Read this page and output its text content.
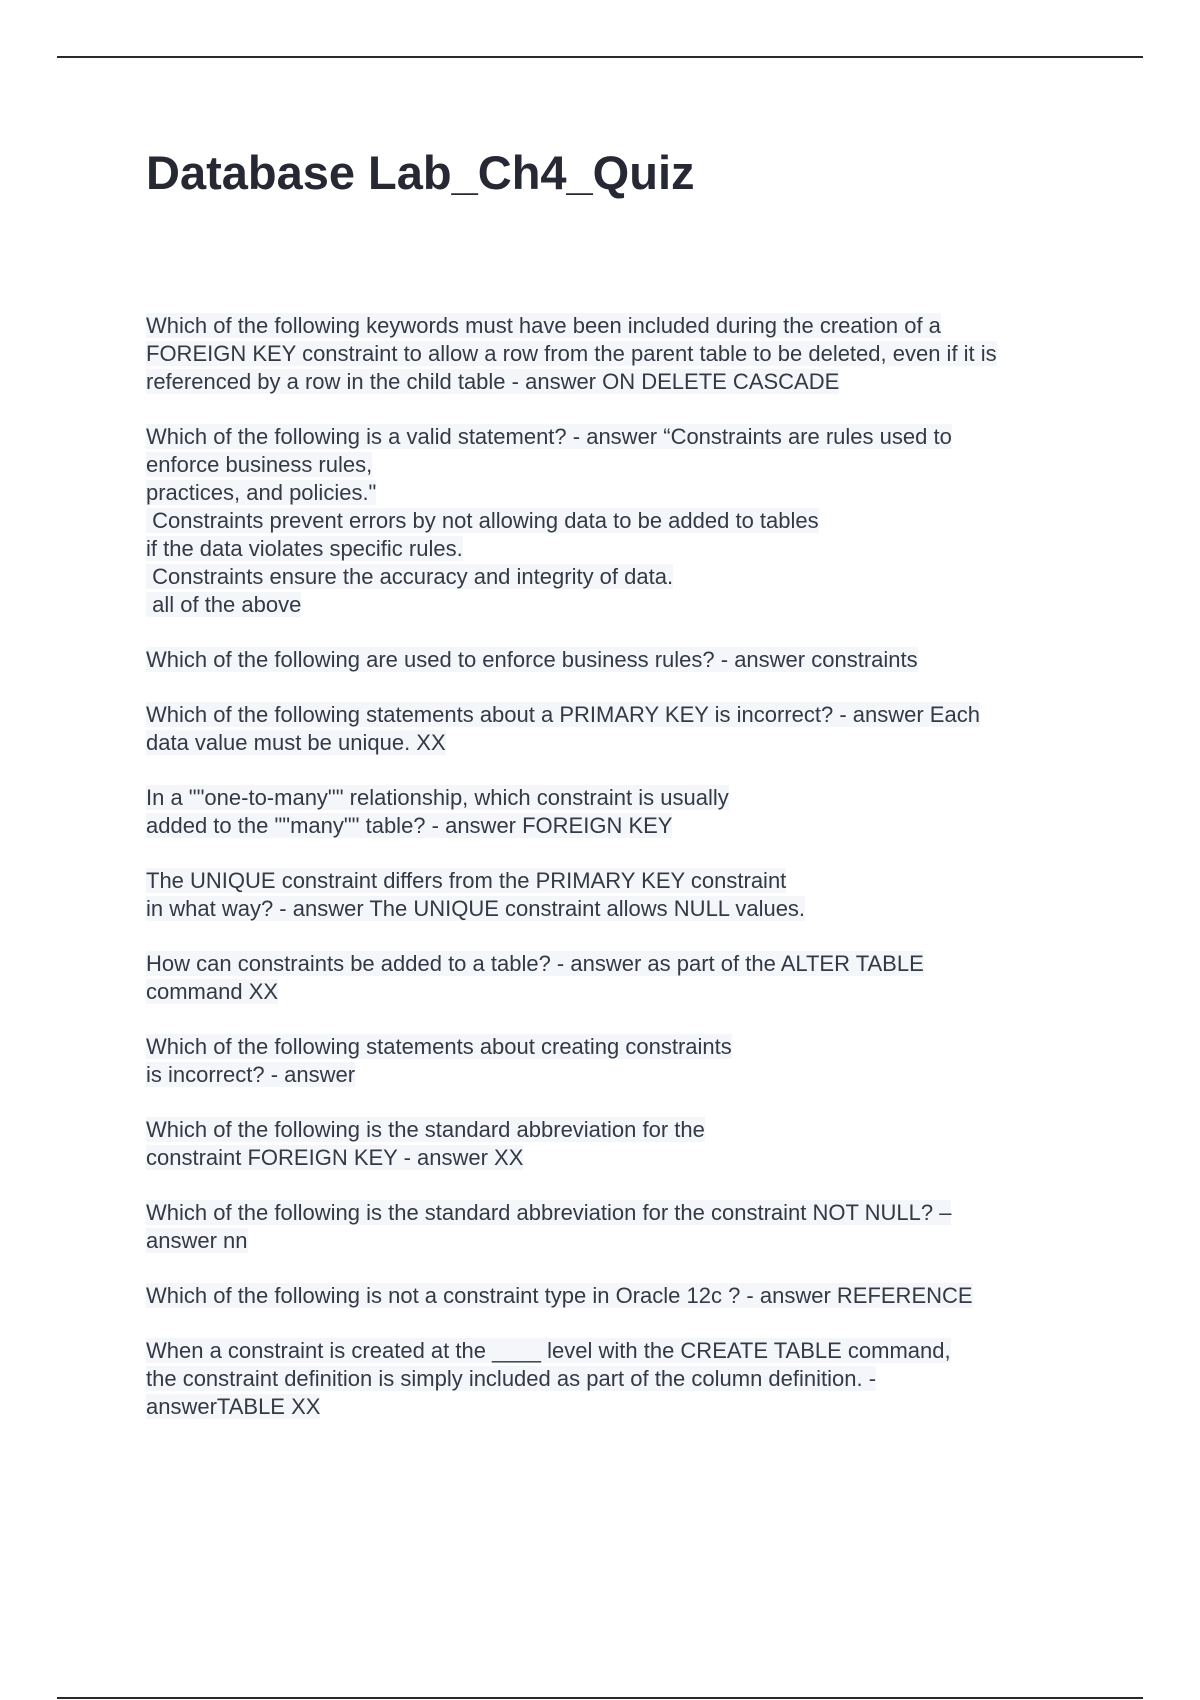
Database Lab_Ch4_Quiz
Which of the following keywords must have been included during the creation of a
FOREIGN KEY constraint to allow a row from the parent table to be deleted, even if it is
referenced by a row in the child table - answer ON DELETE CASCADE
Which of the following is a valid statement? - answer “Constraints are rules used to
enforce business rules,
practices, and policies."
Constraints prevent errors by not allowing data to be added to tables
if the data violates specific rules.
Constraints ensure the accuracy and integrity of data.
all of the above
Which of the following are used to enforce business rules? - answer constraints
Which of the following statements about a PRIMARY KEY is incorrect? - answer Each
data value must be unique. XX
In a ""one-to-many"" relationship, which constraint is usually
added to the ""many"" table? - answer FOREIGN KEY
The UNIQUE constraint differs from the PRIMARY KEY constraint
in what way? - answer The UNIQUE constraint allows NULL values.
How can constraints be added to a table? - answer as part of the ALTER TABLE
command XX
Which of the following statements about creating constraints
is incorrect? - answer
Which of the following is the standard abbreviation for the
constraint FOREIGN KEY - answer XX
Which of the following is the standard abbreviation for the constraint NOT NULL? –
answer nn
Which of the following is not a constraint type in Oracle 12c ? - answer REFERENCE
When a constraint is created at the ____ level with the CREATE TABLE command,
the constraint definition is simply included as part of the column definition. -
answerTABLE XX
